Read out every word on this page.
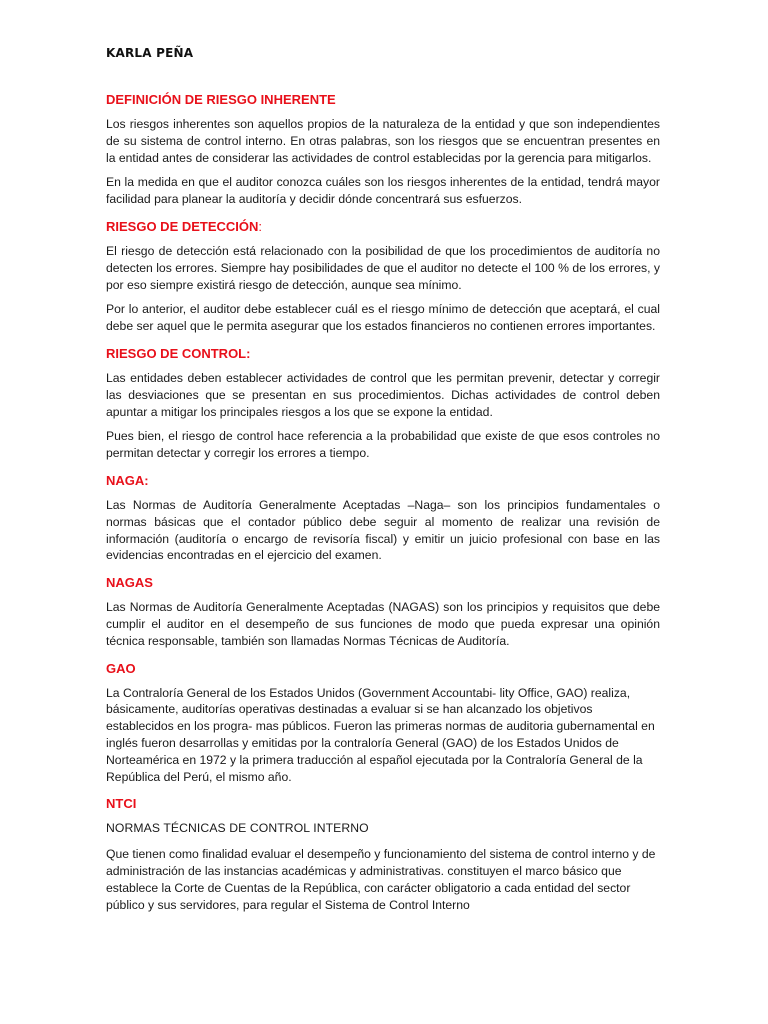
KARLA PEÑA
DEFINICIÓN DE RIESGO INHERENTE

Los riesgos inherentes son aquellos propios de la naturaleza de la entidad y que son independientes de su sistema de control interno. En otras palabras, son los riesgos que se encuentran presentes en la entidad antes de considerar las actividades de control establecidas por la gerencia para mitigarlos.

En la medida en que el auditor conozca cuáles son los riesgos inherentes de la entidad, tendrá mayor facilidad para planear la auditoría y decidir dónde concentrará sus esfuerzos.

RIESGO DE DETECCIÓN:

El riesgo de detección está relacionado con la posibilidad de que los procedimientos de auditoría no detecten los errores. Siempre hay posibilidades de que el auditor no detecte el 100 % de los errores, y por eso siempre existirá riesgo de detección, aunque sea mínimo.

Por lo anterior, el auditor debe establecer cuál es el riesgo mínimo de detección que aceptará, el cual debe ser aquel que le permita asegurar que los estados financieros no contienen errores importantes.

RIESGO DE CONTROL:

Las entidades deben establecer actividades de control que les permitan prevenir, detectar y corregir las desviaciones que se presentan en sus procedimientos. Dichas actividades de control deben apuntar a mitigar los principales riesgos a los que se expone la entidad.

Pues bien, el riesgo de control hace referencia a la probabilidad que existe de que esos controles no permitan detectar y corregir los errores a tiempo.

NAGA:

Las Normas de Auditoría Generalmente Aceptadas –Naga– son los principios fundamentales o normas básicas que el contador público debe seguir al momento de realizar una revisión de información (auditoría o encargo de revisoría fiscal) y emitir un juicio profesional con base en las evidencias encontradas en el ejercicio del examen.

NAGAS

Las Normas de Auditoría Generalmente Aceptadas (NAGAS) son los principios y requisitos que debe cumplir el auditor en el desempeño de sus funciones de modo que pueda expresar una opinión técnica responsable, también son llamadas Normas Técnicas de Auditoría.

GAO

La Contraloría General de los Estados Unidos (Government Accountabi- lity Office, GAO) realiza, básicamente, auditorías operativas destinadas a evaluar si se han alcanzado los objetivos establecidos en los progra- mas públicos. Fueron las primeras normas de auditoria gubernamental en inglés fueron desarrollas y emitidas por la contraloría General (GAO) de los Estados Unidos de Norteamérica en 1972 y la primera traducción al español ejecutada por la Contraloría General de la República del Perú, el mismo año.

NTCI
NORMAS TÉCNICAS DE CONTROL INTERNO

Que tienen como finalidad evaluar el desempeño y funcionamiento del sistema de control interno y de administración de las instancias académicas y administrativas. constituyen el marco básico que establece la Corte de Cuentas de la República, con carácter obligatorio a cada entidad del sector público y sus servidores, para regular el Sistema de Control Interno
